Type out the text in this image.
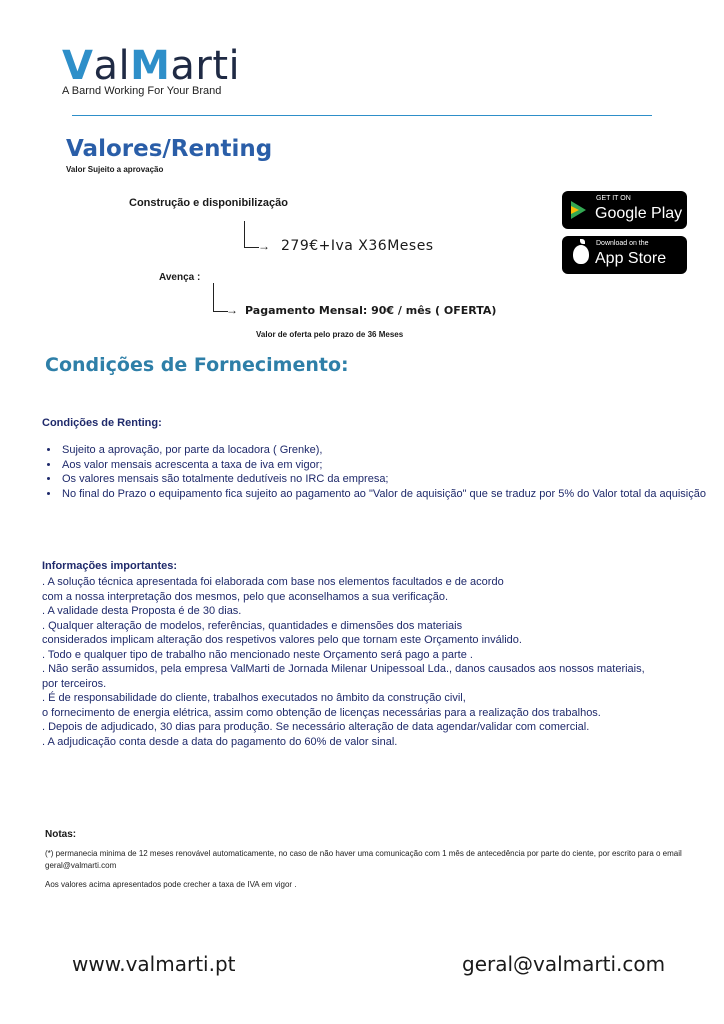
ValMarti
A Barnd Working For Your Brand
Valores/Renting
Valor Sujeito a aprovação
Construção e disponibilização
→ 279€+Iva X36Meses
Avença :
→ Pagamento Mensal: 90€ / mês ( OFERTA)
Valor de oferta pelo prazo de 36 Meses
GET IT ON
Google Play
Download on the
App Store
Condições de Fornecimento:
Condições de Renting:
• Sujeito a aprovação, por parte da locadora ( Grenke),
• Aos valor mensais acrescenta a taxa de iva em vigor;
• Os valores mensais são totalmente dedutíveis no IRC da empresa;
• No final do Prazo o equipamento fica sujeito ao pagamento ao "Valor de aquisição" que se traduz por 5% do Valor total da aquisição
Informações importantes:
. A solução técnica apresentada foi elaborada com base nos elementos facultados e de acordo
com a nossa interpretação dos mesmos, pelo que aconselhamos a sua verificação.
. A validade desta Proposta é de 30 dias.
. Qualquer alteração de modelos, referências, quantidades e dimensões dos materiais
considerados implicam alteração dos respetivos valores pelo que tornam este Orçamento inválido.
. Todo e qualquer tipo de trabalho não mencionado neste Orçamento será pago a parte .
. Não serão assumidos, pela empresa ValMarti de Jornada Milenar Unipessoal Lda., danos causados aos nossos materiais,
por terceiros.
. É de responsabilidade do cliente, trabalhos executados no âmbito da construção civil,
o fornecimento de energia elétrica, assim como obtenção de licenças necessárias para a realização dos trabalhos.
. Depois de adjudicado, 30 dias para produção. Se necessário alteração de data agendar/validar com comercial.
. A adjudicação conta desde a data do pagamento do 60% de valor sinal.
Notas:
(*) permanecia minima de 12 meses renovável automaticamente, no caso de não haver uma comunicação com 1 mês de antecedência por parte do ciente, por escrito para o email geral@valmarti.com
Aos valores acima apresentados pode crecher a taxa de IVA em vigor .
www.valmarti.pt	geral@valmarti.com
